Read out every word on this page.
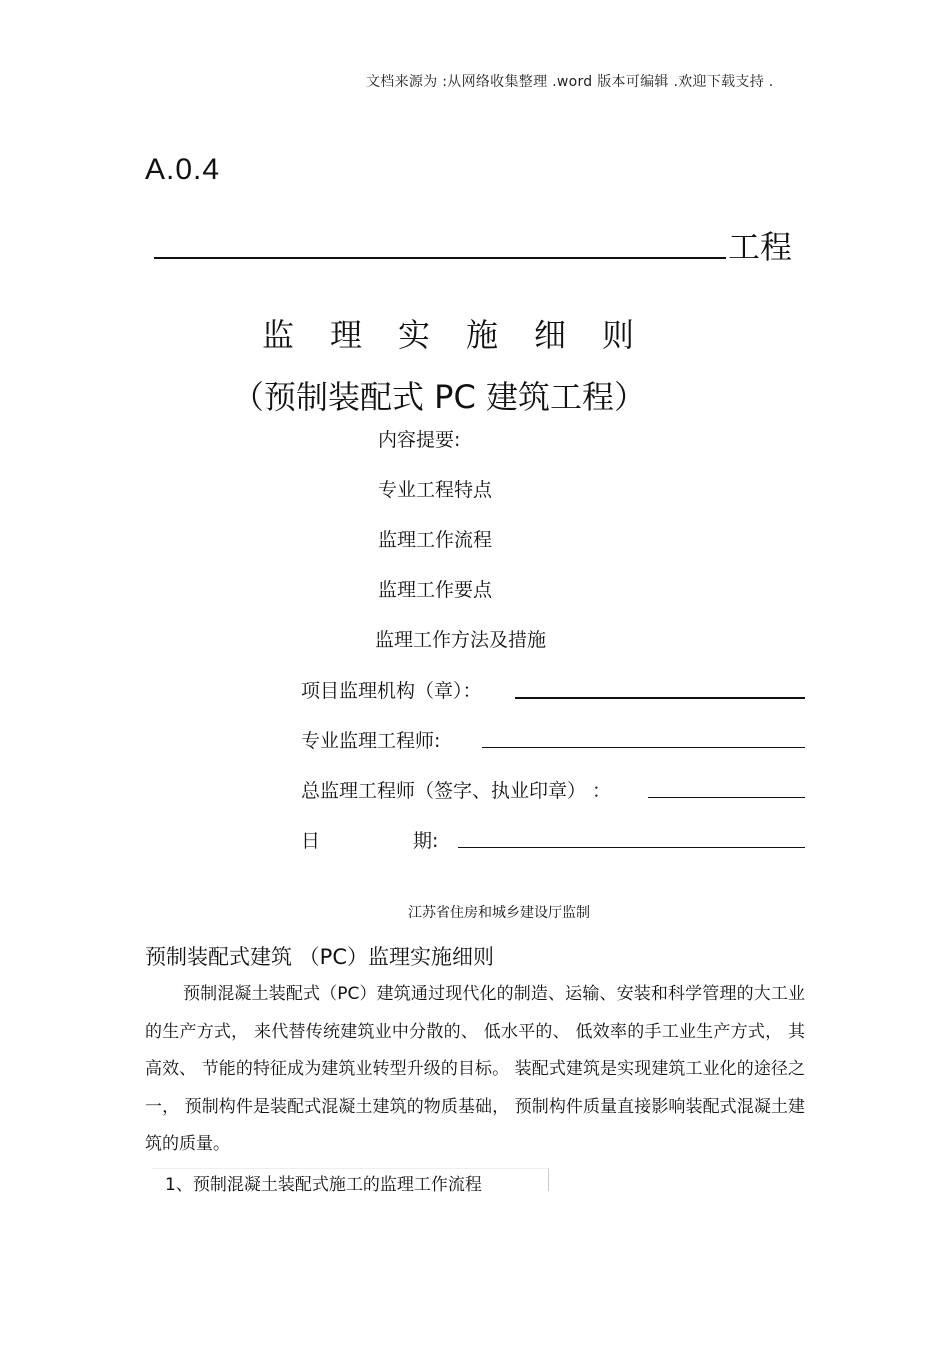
文档来源为 :从网络收集整理 .word 版本可编辑 .欢迎下载支持 .
A.0.4
工程
监理实施细则
（预制装配式 PC 建筑工程）
内容提要:
专业工程特点
监理工作流程
监理工作要点
监理工作方法及措施
项目监理机构（章）：
专业监理工程师:
总监理工程师（签字、执业印章） ：
日	期:
江苏省住房和城乡建设厅监制
预制装配式建筑 （PC）监理实施细则

预制混凝土装配式（PC）建筑通过现代化的制造、运输、安装和科学管理的大工业的生产方式， 来代替传统建筑业中分散的、 低水平的、 低效率的手工业生产方式， 其高效、 节能的特征成为建筑业转型升级的目标。 装配式建筑是实现建筑工业化的途径之一， 预制构件是装配式混凝土建筑的物质基础， 预制构件质量直接影响装配式混凝土建筑的质量。

1、预制混凝土装配式施工的监理工作流程
